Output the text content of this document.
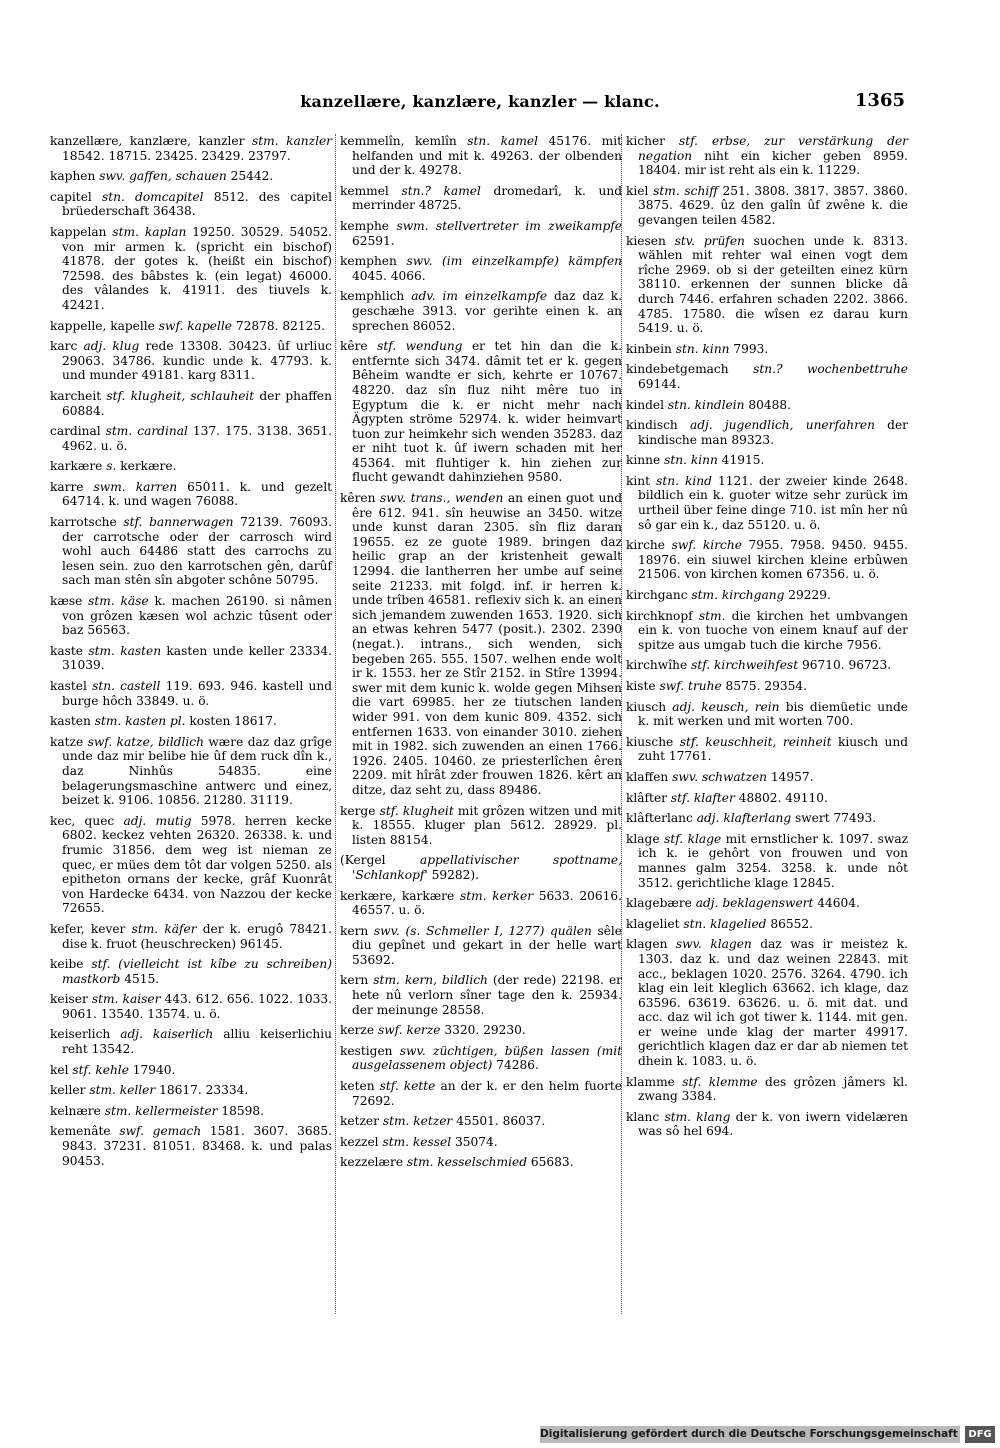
kanzellære, kanzlære, kanzler — klanc.	1365
kanzellære, kanzlære, kanzler stm. kanzler 18542. 18715. 23425. 23429. 23797.
kaphen swv. gaffen, schauen 25442.
capitel stn. domcapitel 8512. des capitel brüederschaft 36438.
kappelan stm. kaplan 19250. 30529. 54052. von mir armen k. (spricht ein bischof) 41878. der gotes k. (heißt ein bischof) 72598. des bâbstes k. (ein legat) 46000. des vâlandes k. 41911. des tiuvels k. 42421.
kappelle, kapelle swf. kapelle 72878. 82125.
karc adj. klug rede 13308. 30423. ûf urliuc 29063. 34786. kundic unde k. 47793. k. und munder 49181. karg 8311.
karcheit stf. klugheit, schlauheit der phaffen 60884.
cardinal stm. cardinal 137. 175. 3138. 3651. 4962. u. ö.
karkære s. kerkære.
karre swm. karren 65011. k. und gezelt 64714. k. und wagen 76088.
karrotsche stf. bannerwagen 72139. 76093. der carrotsche oder der carrosch wird wohl auch 64486 statt des carrochs zu lesen sein. zuo den karrotschen gên, darûf sach man stên sîn abgoter schône 50795.
kæse stm. käse k. machen 26190. si nâmen von grôzen kæsen wol achzic tûsent oder baz 56563.
kaste stm. kasten kasten unde keller 23334. 31039.
kastel stn. castell 119. 693. 946. kastell und burge hôch 33849. u. ö.
kasten stm. kasten pl. kosten 18617.
katze swf. katze, bildlich wære daz daz grîge unde daz mir belibe hie ûf dem ruck dîn k., daz Ninhûs 54835. eine belagerungsmaschine antwerc und einez, beizet k. 9106. 10856. 21280. 31119.
kec, quec adj. mutig 5978. herren kecke 6802. keckez vehten 26320. 26338. k. und frumic 31856. dem weg ist nieman ze quec, er mües dem tôt dar volgen 5250. als epitheton ornans der kecke, grâf Kuonrât von Hardecke 6434. von Nazzou der kecke 72655.
kefer, kever stm. käfer der k. erugô 78421. dise k. fruot (heuschrecken) 96145.
keibe stf. (vielleicht ist kîbe zu schreiben) mastkorb 4515.
keiser stm. kaiser 443. 612. 656. 1022. 1033. 9061. 13540. 13574. u. ö.
keiserlich adj. kaiserlich alliu keiserlichiu reht 13542.
kel stf. kehle 17940.
keller stm. keller 18617. 23334.
kelnære stm. kellermeister 18598.
kemenâte swf. gemach 1581. 3607. 3685. 9843. 37231. 81051. 83468. k. und palas 90453.
kemmelîn, kemlîn stn. kamel 45176. mit helfanden und mit k. 49263. der olbenden und der k. 49278.
kemmel stn.? kamel dromedarî, k. und merrinder 48725.
kemphe swm. stellvertreter im zweikampfe 62591.
kemphen swv. (im einzelkampfe) kämpfen 4045. 4066.
kemphlich adv. im einzelkampfe daz daz k. geschæhe 3913. vor gerihte einen k. an sprechen 86052.
kêre stf. wendung er tet hin dan die k. entfernte sich 3474. dâmit tet er k. gegen Bêheim wandte er sich, kehrte er 10767. 48220. daz sîn fluz niht mêre tuo in Egyptum die k. er nicht mehr nach Ägypten ströme 52974. k. wider heimvart tuon zur heimkehr sich wenden 35283. daz er niht tuot k. ûf iwern schaden mit her 45364. mit fluhtiger k. hin ziehen zur flucht gewandt dahinziehen 9580.
kêren swv. trans., wenden an einen guot und êre 612. 941. sîn heuwise an 3450. witze unde kunst daran 2305. sîn fliz daran 19655. ez ze guote 1989. bringen daz heilic grap an der kristenheit gewalt 12994. die lantherren her umbe auf seine seite 21233. mit folgd. inf. ir herren k. unde trîben 46581. reflexiv sich k. an einen sich jemandem zuwenden 1653. 1920. sich an etwas kehren 5477 (posit.). 2302. 2390 (negat.). intrans., sich wenden, sich begeben 265. 555. 1507. welhen ende wolt ir k. 1553. her ze Stîr 2152. in Stîre 13994. swer mit dem kunic k. wolde gegen Mihsen die vart 69985. her ze tiutschen landen wider 991. von dem kunic 809. 4352. sich entfernen 1633. von einander 3010. ziehen mit in 1982. sich zuwenden an einen 1766. 1926. 2405. 10460. ze priesterlîchen êren 2209. mit hîrât zder frouwen 1826. kêrt an ditze, daz seht zu, dass 89486.
kerge stf. klugheit mit grôzen witzen und mit k. 18555. kluger plan 5612. 28929. pl. listen 88154.
(Kergel	appellativischer spottname, 'Schlankopf' 59282).
kerkære, karkære stm. kerker 5633. 20616. 46557. u. ö.
kern swv. (s. Schmeller I, 1277) quälen sêle diu gepînet und gekart in der helle wart 53692.
kern stm. kern, bildlich (der rede) 22198. er hete nû verlorn sîner tage den k. 25934. der meinunge 28558.
kerze swf. kerze 3320. 29230.
kestigen swv. züchtigen, büßen lassen (mit ausgelassenem object) 74286.
keten stf. kette an der k. er den helm fuorte 72692.
ketzer stm. ketzer 45501. 86037.
kezzel stm. kessel 35074.
kezzelære stm. kesselschmied 65683.
kicher stf. erbse, zur verstärkung der negation niht ein kicher geben 8959. 18404. mir ist reht als ein k. 11229.
kiel stm. schiff 251. 3808. 3817. 3857. 3860. 3875. 4629. ûz den galîn ûf zwêne k. die gevangen teilen 4582.
kiesen stv. prüfen suochen unde k. 8313. wählen mit rehter wal einen vogt dem rîche 2969. ob si der geteilten einez kürn 38110. erkennen der sunnen blicke dâ durch 7446. erfahren schaden 2202. 3866. 4785. 17580. die wîsen ez darau kurn 5419. u. ö.
kinbein stn. kinn 7993.
kindebetgemach stn.? wochenbettruhe 69144.
kindel stn. kindlein 80488.
kindisch adj. jugendlich, unerfahren der kindische man 89323.
kinne stn. kinn 41915.
kint stn. kind 1121. der zweier kinde 2648. bildlich ein k. guoter witze sehr zurück im urtheil über feine dinge 710. ist mîn her nû sô gar ein k., daz 55120. u. ö.
kirche swf. kirche 7955. 7958. 9450. 9455. 18976. ein siuwel kirchen kleine erbûwen 21506. von kirchen komen 67356. u. ö.
kirchganc stm. kirchgang 29229.
kirchknopf stm. die kirchen het umbvangen ein k. von tuoche von einem knauf auf der spitze aus umgab tuch die kirche 7956.
kirchwîhe stf. kirchweihfest 96710. 96723.
kiste swf. truhe 8575. 29354.
kiusch adj. keusch, rein bis diemüetic unde k. mit werken und mit worten 700.
kiusche stf. keuschheit, reinheit kiusch und zuht 17761.
klaffen swv. schwatzen 14957.
klâfter stf. klafter 48802. 49110.
klâfterlanc adj. klafterlang swert 77493.
klage stf. klage mit ernstlicher k. 1097. swaz ich k. ie gehôrt von frouwen und von mannes galm 3254. 3258. k. unde nôt 3512. gerichtliche klage 12845.
klagebære adj. beklagenswert 44604.
klageliet stn. klagelied 86552.
klagen swv. klagen daz was ir meistez k. 1303. daz k. und daz weinen 22843. mit acc., beklagen 1020. 2576. 3264. 4790. ich klag ein leit kleglich 63662. ich klage, daz 63596. 63619. 63626. u. ö. mit dat. und acc. daz wil ich got tiwer k. 1144. mit gen. er weine unde klag der marter 49917. gerichtlich klagen daz er dar ab niemen tet dhein k. 1083. u. ö.
klamme stf. klemme des grôzen jâmers kl. zwang 3384.
klanc stm. klang der k. von iwern videlæren was sô hel 694.
Digitalisierung gefördert durch die Deutsche Forschungsgemeinschaft DFG
